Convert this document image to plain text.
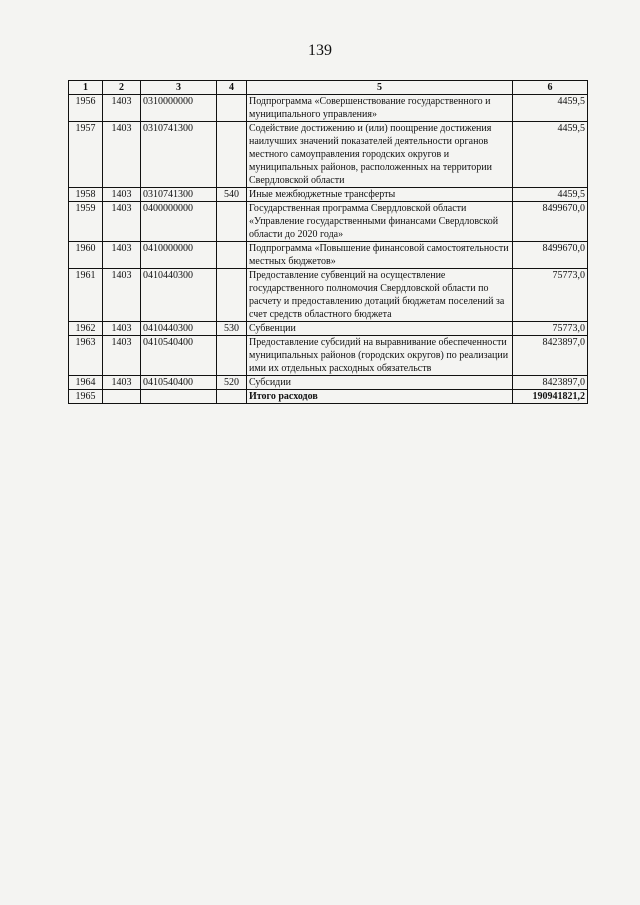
139
1	2	3	4	5	6
1956	1403	0310000000		Подпрограмма «Совершенствование государственного и муниципального управления»	4459,5
1957	1403	0310741300		Содействие достижению и (или) поощрение достижения наилучших значений показателей деятельности органов местного самоуправления городских округов и муниципальных районов, расположенных на территории Свердловской области	4459,5
1958	1403	0310741300	540	Иные межбюджетные трансферты	4459,5
1959	1403	0400000000		Государственная программа Свердловской области «Управление государственными финансами Свердловской области до 2020 года»	8499670,0
1960	1403	0410000000		Подпрограмма «Повышение финансовой самостоятельности местных бюджетов»	8499670,0
1961	1403	0410440300		Предоставление субвенций на осуществление государственного полномочия Свердловской области по расчету и предоставлению дотаций бюджетам поселений за счет средств областного бюджета	75773,0
1962	1403	0410440300	530	Субвенции	75773,0
1963	1403	0410540400		Предоставление субсидий на выравнивание обеспеченности муниципальных районов (городских округов) по реализации ими их отдельных расходных обязательств	8423897,0
1964	1403	0410540400	520	Субсидии	8423897,0
1965				Итого расходов	190941821,2
